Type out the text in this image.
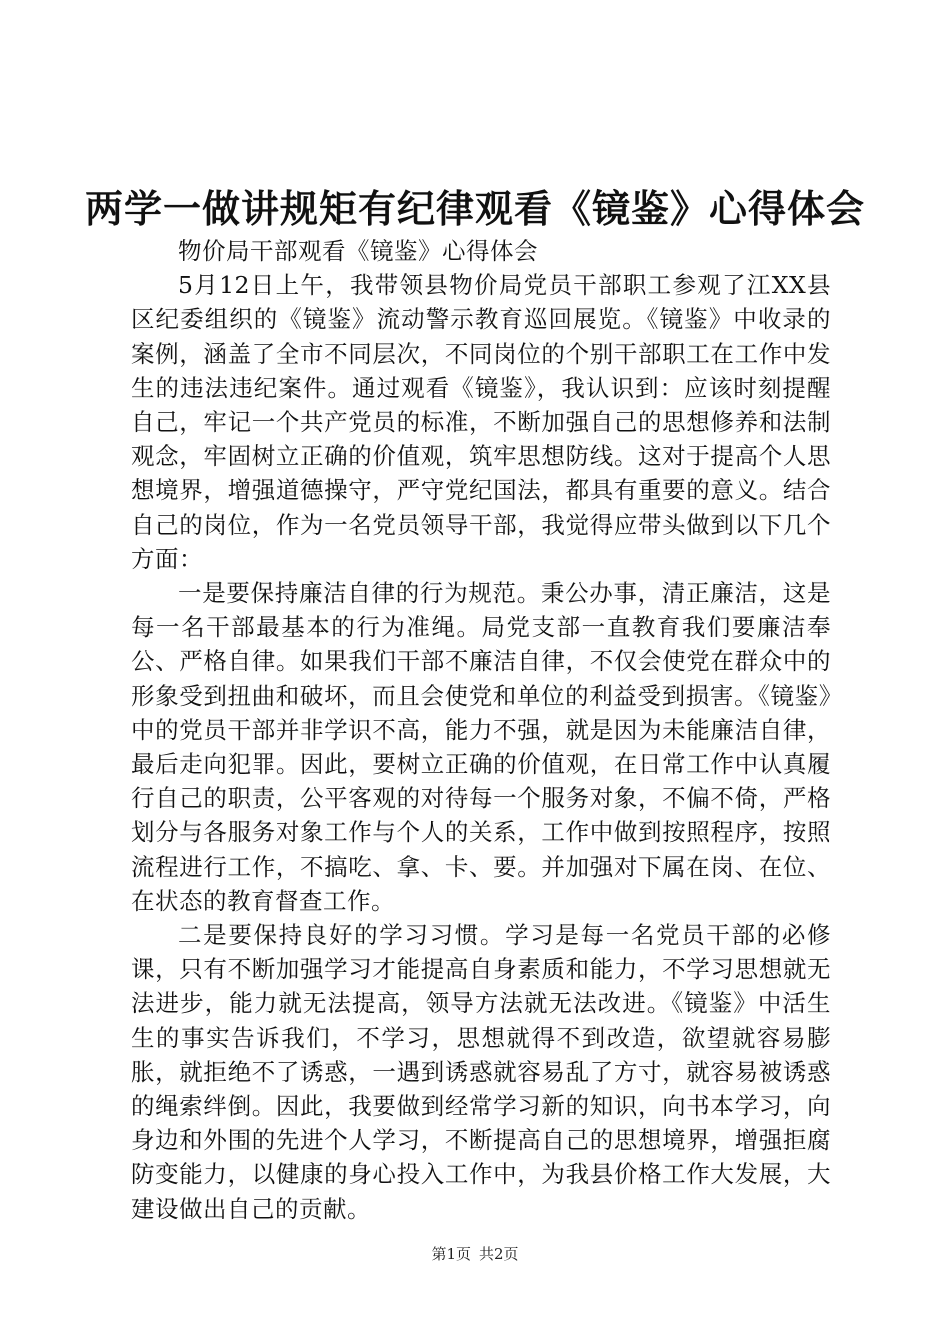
两学一做讲规矩有纪律观看《镜鉴》心得体会

物价局干部观看《镜鉴》心得体会

5月12日上午，我带领县物价局党员干部职工参观了江XX县区纪委组织的《镜鉴》流动警示教育巡回展览。《镜鉴》中收录的案例，涵盖了全市不同层次，不同岗位的个别干部职工在工作中发生的违法违纪案件。通过观看《镜鉴》，我认识到：应该时刻提醒自己，牢记一个共产党员的标准，不断加强自己的思想修养和法制观念，牢固树立正确的价值观，筑牢思想防线。这对于提高个人思想境界，增强道德操守，严守党纪国法，都具有重要的意义。结合自己的岗位，作为一名党员领导干部，我觉得应带头做到以下几个方面：

一是要保持廉洁自律的行为规范。秉公办事，清正廉洁，这是每一名干部最基本的行为准绳。局党支部一直教育我们要廉洁奉公、严格自律。如果我们干部不廉洁自律，不仅会使党在群众中的形象受到扭曲和破坏，而且会使党和单位的利益受到损害。《镜鉴》中的党员干部并非学识不高，能力不强，就是因为未能廉洁自律，最后走向犯罪。因此，要树立正确的价值观，在日常工作中认真履行自己的职责，公平客观的对待每一个服务对象，不偏不倚，严格划分与各服务对象工作与个人的关系，工作中做到按照程序，按照流程进行工作，不搞吃、拿、卡、要。并加强对下属在岗、在位、在状态的教育督查工作。

二是要保持良好的学习习惯。学习是每一名党员干部的必修课，只有不断加强学习才能提高自身素质和能力，不学习思想就无法进步，能力就无法提高，领导方法就无法改进。《镜鉴》中活生生的事实告诉我们，不学习，思想就得不到改造，欲望就容易膨胀，就拒绝不了诱惑，一遇到诱惑就容易乱了方寸，就容易被诱惑的绳索绊倒。因此，我要做到经常学习新的知识，向书本学习，向身边和外围的先进个人学习，不断提高自己的思想境界，增强拒腐防变能力，以健康的身心投入工作中，为我县价格工作大发展，大建设做出自己的贡献。

第1页 共2页
